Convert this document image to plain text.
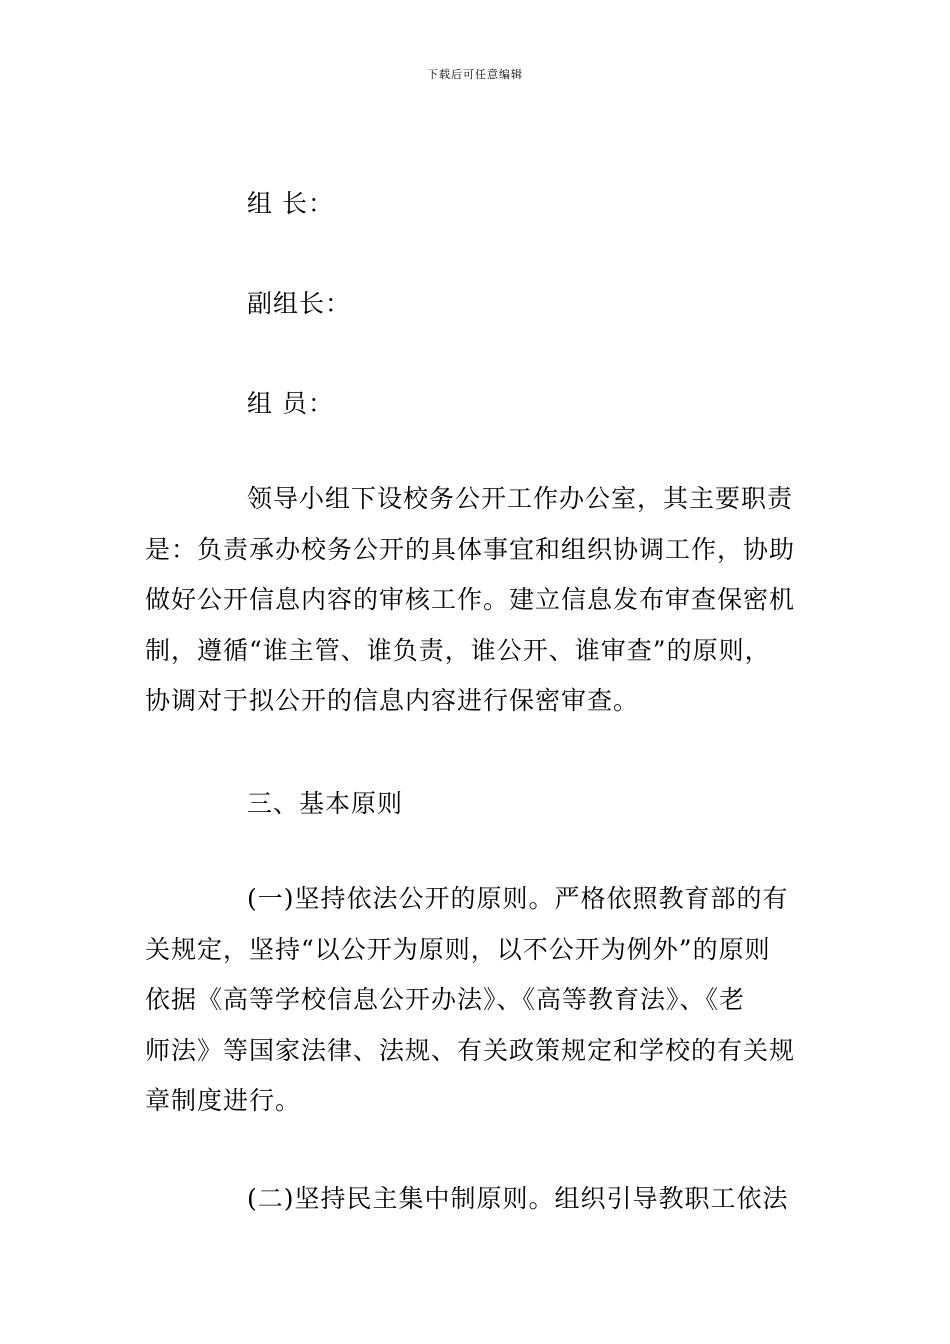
下载后可任意编辑
组 长：
副组长：
组 员：
领导小组下设校务公开工作办公室，其主要职责
是：负责承办校务公开的具体事宜和组织协调工作，协助
做好公开信息内容的审核工作。建立信息发布审查保密机
制，遵循“谁主管、谁负责，谁公开、谁审查”的原则，
协调对于拟公开的信息内容进行保密审查。
三、基本原则
(一)坚持依法公开的原则。严格依照教育部的有
关规定，坚持“以公开为原则，以不公开为例外”的原则
依据《高等学校信息公开办法》、《高等教育法》、《老
师法》等国家法律、法规、有关政策规定和学校的有关规
章制度进行。
(二)坚持民主集中制原则。组织引导教职工依法
